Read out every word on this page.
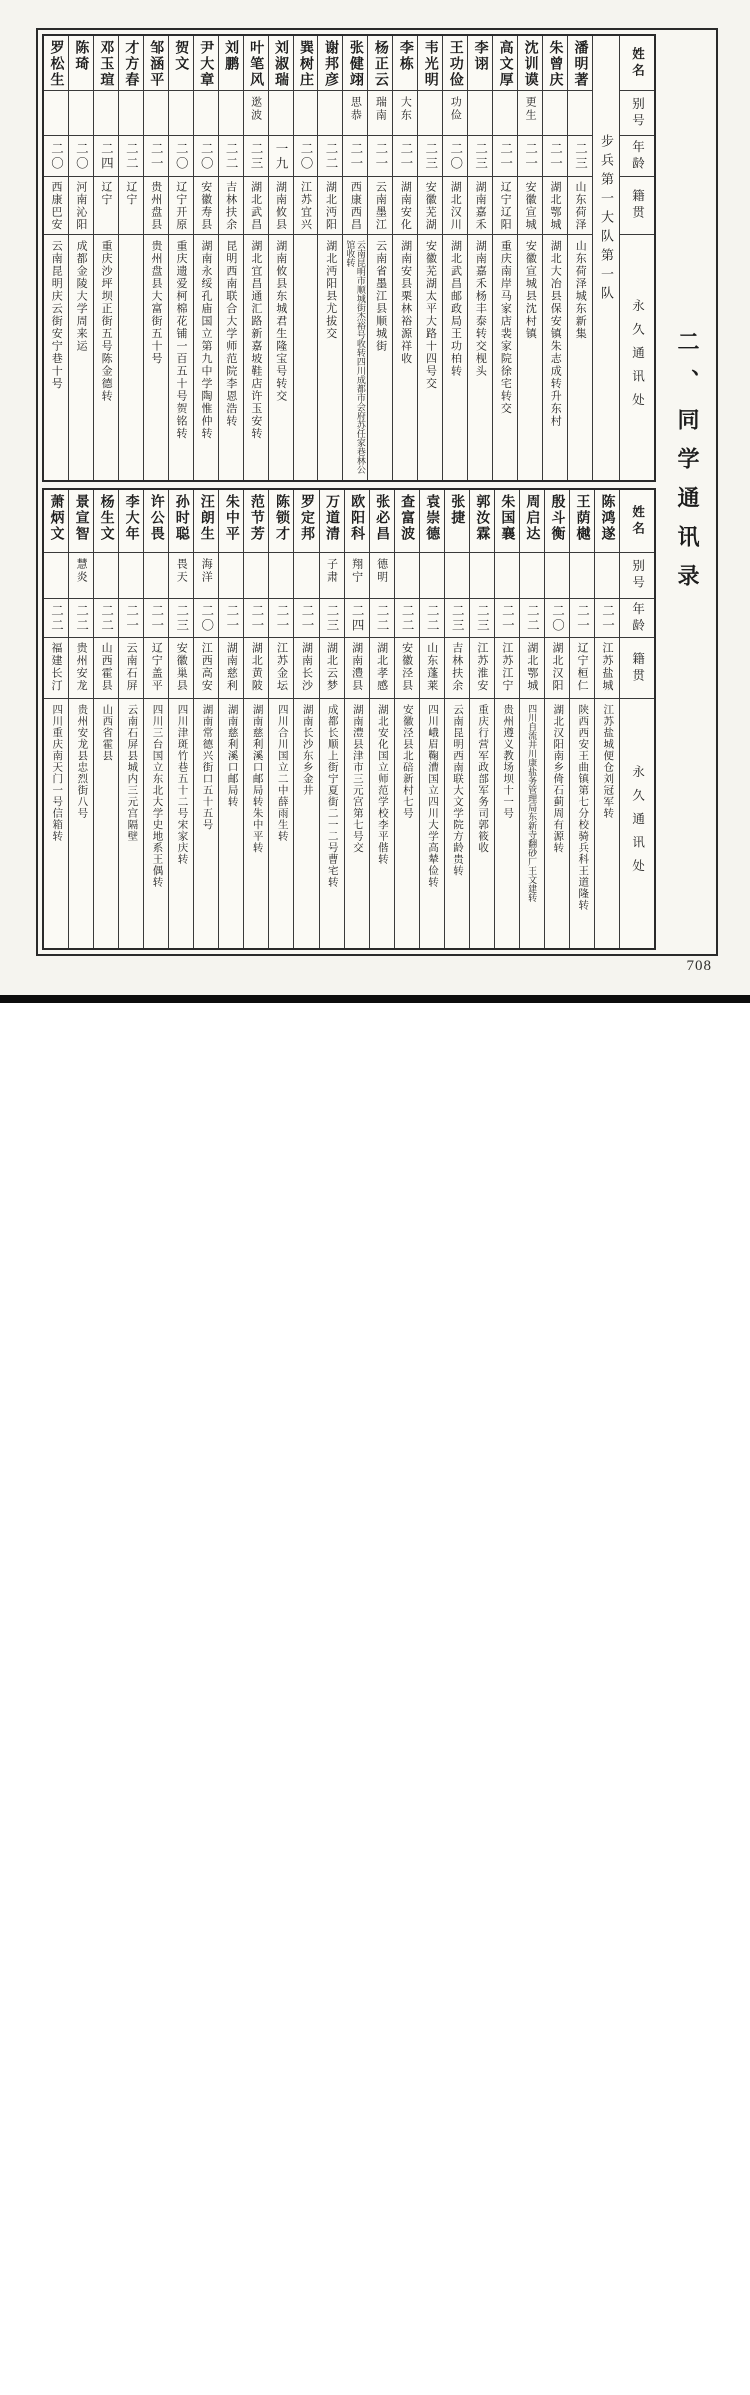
罗松生
二〇
西康巴安
云南昆明庆云街安宁巷十号
陈琦
二〇
河南沁阳
成都金陵大学周来运
邓玉瑄
二四
辽宁
重庆沙坪坝正街五号陈金德转
才方春
二二
辽宁
邹涵平
二一
贵州盘县
贵州盘县大富街五十号
贺文
二〇
辽宁开原
重庆遗爱柯棉花铺一百五十号贺铭转
尹大章
二〇
安徽寿县
湖南永绥孔庙国立第九中学陶惟仲转
刘鹏
二二
吉林扶余
昆明西南联合大学师范院李恩浩转
叶笔风
逖波
二三
湖北武昌
湖北宜昌通汇路新嘉坡鞋店许玉安转
刘淑瑞
一九
湖南攸县
湖南攸县东城君生隆宝号转交
巽树庄
二〇
江苏宜兴
谢邦彦
二二
湖北沔阳
湖北沔阳县尤拔交
张健翊
思恭
二一
西康西昌
云南昆明市顺城街杰裕号收转四川成都市会府苏任家巷林公馆收转
杨正云
瑞南
二一
云南墨江
云南省墨江县顺城街
李栋
大东
二一
湖南安化
湖南安县栗林裕源祥收
韦光明
二三
安徽芜湖
安徽芜湖太平大路十四号交
王功俭
功俭
二〇
湖北汉川
湖北武昌邮政局王功柏转
李诩
二三
湖南嘉禾
湖南嘉禾杨丰泰转交枧头
高文厚
二一
辽宁辽阳
重庆南岸马家店裴家院徐宅转交
沈训谟
更生
二一
安徽宣城
安徽宣城县沈村镇
朱曾庆
二一
湖北鄂城
湖北大冶县保安镇朱志成转升东村
潘明著
二三
山东荷泽
山东荷泽城东新集 步兵第一大队第一队
姓名
别号
年龄
籍贯
永久通讯处
萧炳文
二二
福建长汀
四川重庆南天门一号信箱转
景宣智
慧炎
二二
贵州安龙
贵州安龙县忠烈街八号
杨生文
二二
山西霍县
山西省霍县
李大年
二一
云南石屏
云南石屏县城内三元宫隔壁
许公畏
二一
辽宁盖平
四川三台国立东北大学史地系王偶转
孙时聪
畏天
二三
安徽巢县
四川津斑竹巷五十二号宋家庆转
汪朗生
海洋
二〇
江西高安
湖南常德兴街口五十五号
朱中平
二一
湖南慈利
湖南慈利溪口邮局转
范节芳
二一
湖北黄陂
湖南慈利溪口邮局转朱中平转
陈锁才
二一
江苏金坛
四川合川国立二中薛雨生转
罗定邦
二一
湖南长沙
湖南长沙东乡金井
万道清
子肃
二三
湖北云梦
成都长顺上街宁夏街二一二号曹宅转
欧阳科
翔宁
二四
湖南澧县
湖南澧县津市三元宫第七号交
张必昌
德明
二二
湖北孝感
湖北安化国立师范学校李平偕转
查富波
二二
安徽泾县
安徽泾县北碚新村七号
袁崇德
二二
山东蓬莱
四川峨眉鞠漕国立四川大学高辇俭转
张捷
二三
吉林扶余
云南昆明西南联大文学院方龄贵转
郭汝霖
二三
江苏淮安
重庆行营军政部军务司郭筱收
朱国襄
二一
江苏江宁
贵州遵义教场坝十一号
周启达
二二
湖北鄂城
四川自流井川康盐务管理局东新寺翻砂厂王文建转
殷斗衡
二〇
湖北汉阳
湖北汉阳南乡倚石蓟周有源转
王荫樾
二一
辽宁桓仁
陕西西安王曲镇第七分校骑兵科王道隆转
陈鸿遂
二一
江苏盐城
江苏盐城便仓刘冠军转
姓名
别号
年龄
籍贯
永久通讯处
二、同学通讯录
708
